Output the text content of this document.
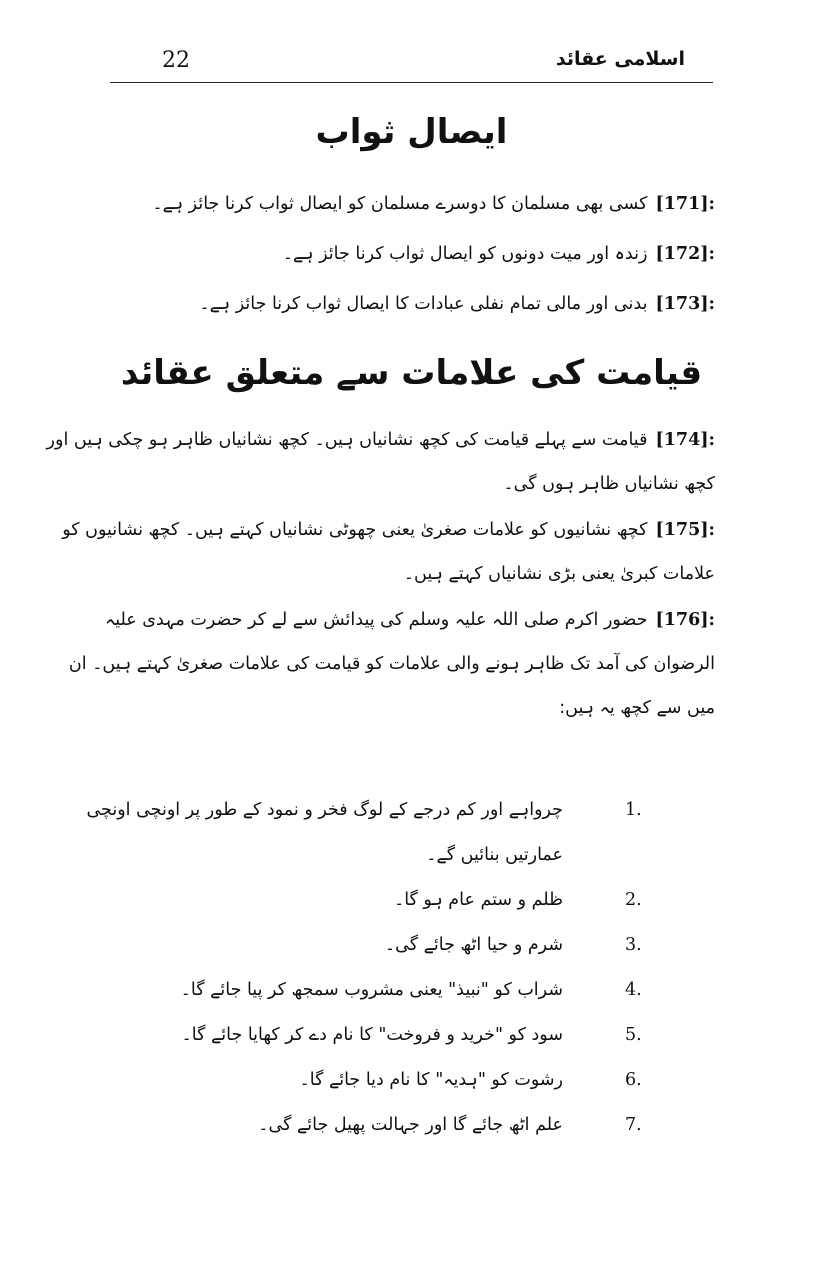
22	اسلامی عقائد
ایصال ثواب
[171]:کسی بھی مسلمان کا دوسرے مسلمان کو ایصال ثواب کرنا جائز ہے۔
[172]:زندہ اور میت دونوں کو ایصال ثواب کرنا جائز ہے۔
[173]:بدنی اور مالی تمام نفلی عبادات کا ایصال ثواب کرنا جائز ہے۔
قیامت کی علامات سے متعلق عقائد
[174]:قیامت سے پہلے قیامت کی کچھ نشانیاں ہیں۔ کچھ نشانیاں ظاہر ہو چکی ہیں اور
کچھ نشانیاں ظاہر ہوں گی۔
[175]:کچھ نشانیوں کو علامات صغریٰ یعنی چھوٹی نشانیاں کہتے ہیں۔ کچھ نشانیوں کو
علامات کبریٰ یعنی بڑی نشانیاں کہتے ہیں۔
[176]:حضور اکرم صلی اللہ علیہ وسلم کی پیدائش سے لے کر حضرت مہدی علیہ
الرضوان کی آمد تک ظاہر ہونے والی علامات کو قیامت کی علامات صغریٰ کہتے ہیں۔ ان
میں سے کچھ یہ ہیں:
1.
چرواہے اور کم درجے کے لوگ فخر و نمود کے طور پر اونچی اونچی
عمارتیں بنائیں گے۔
2.
ظلم و ستم عام ہو گا۔
3.
شرم و حیا اٹھ جائے گی۔
4.
شراب کو "نبیذ" یعنی مشروب سمجھ کر پیا جائے گا۔
5.
سود کو "خرید و فروخت" کا نام دے کر کھایا جائے گا۔
6.
رشوت کو "ہدیہ" کا نام دیا جائے گا۔
7.
علم اٹھ جائے گا اور جہالت پھیل جائے گی۔
